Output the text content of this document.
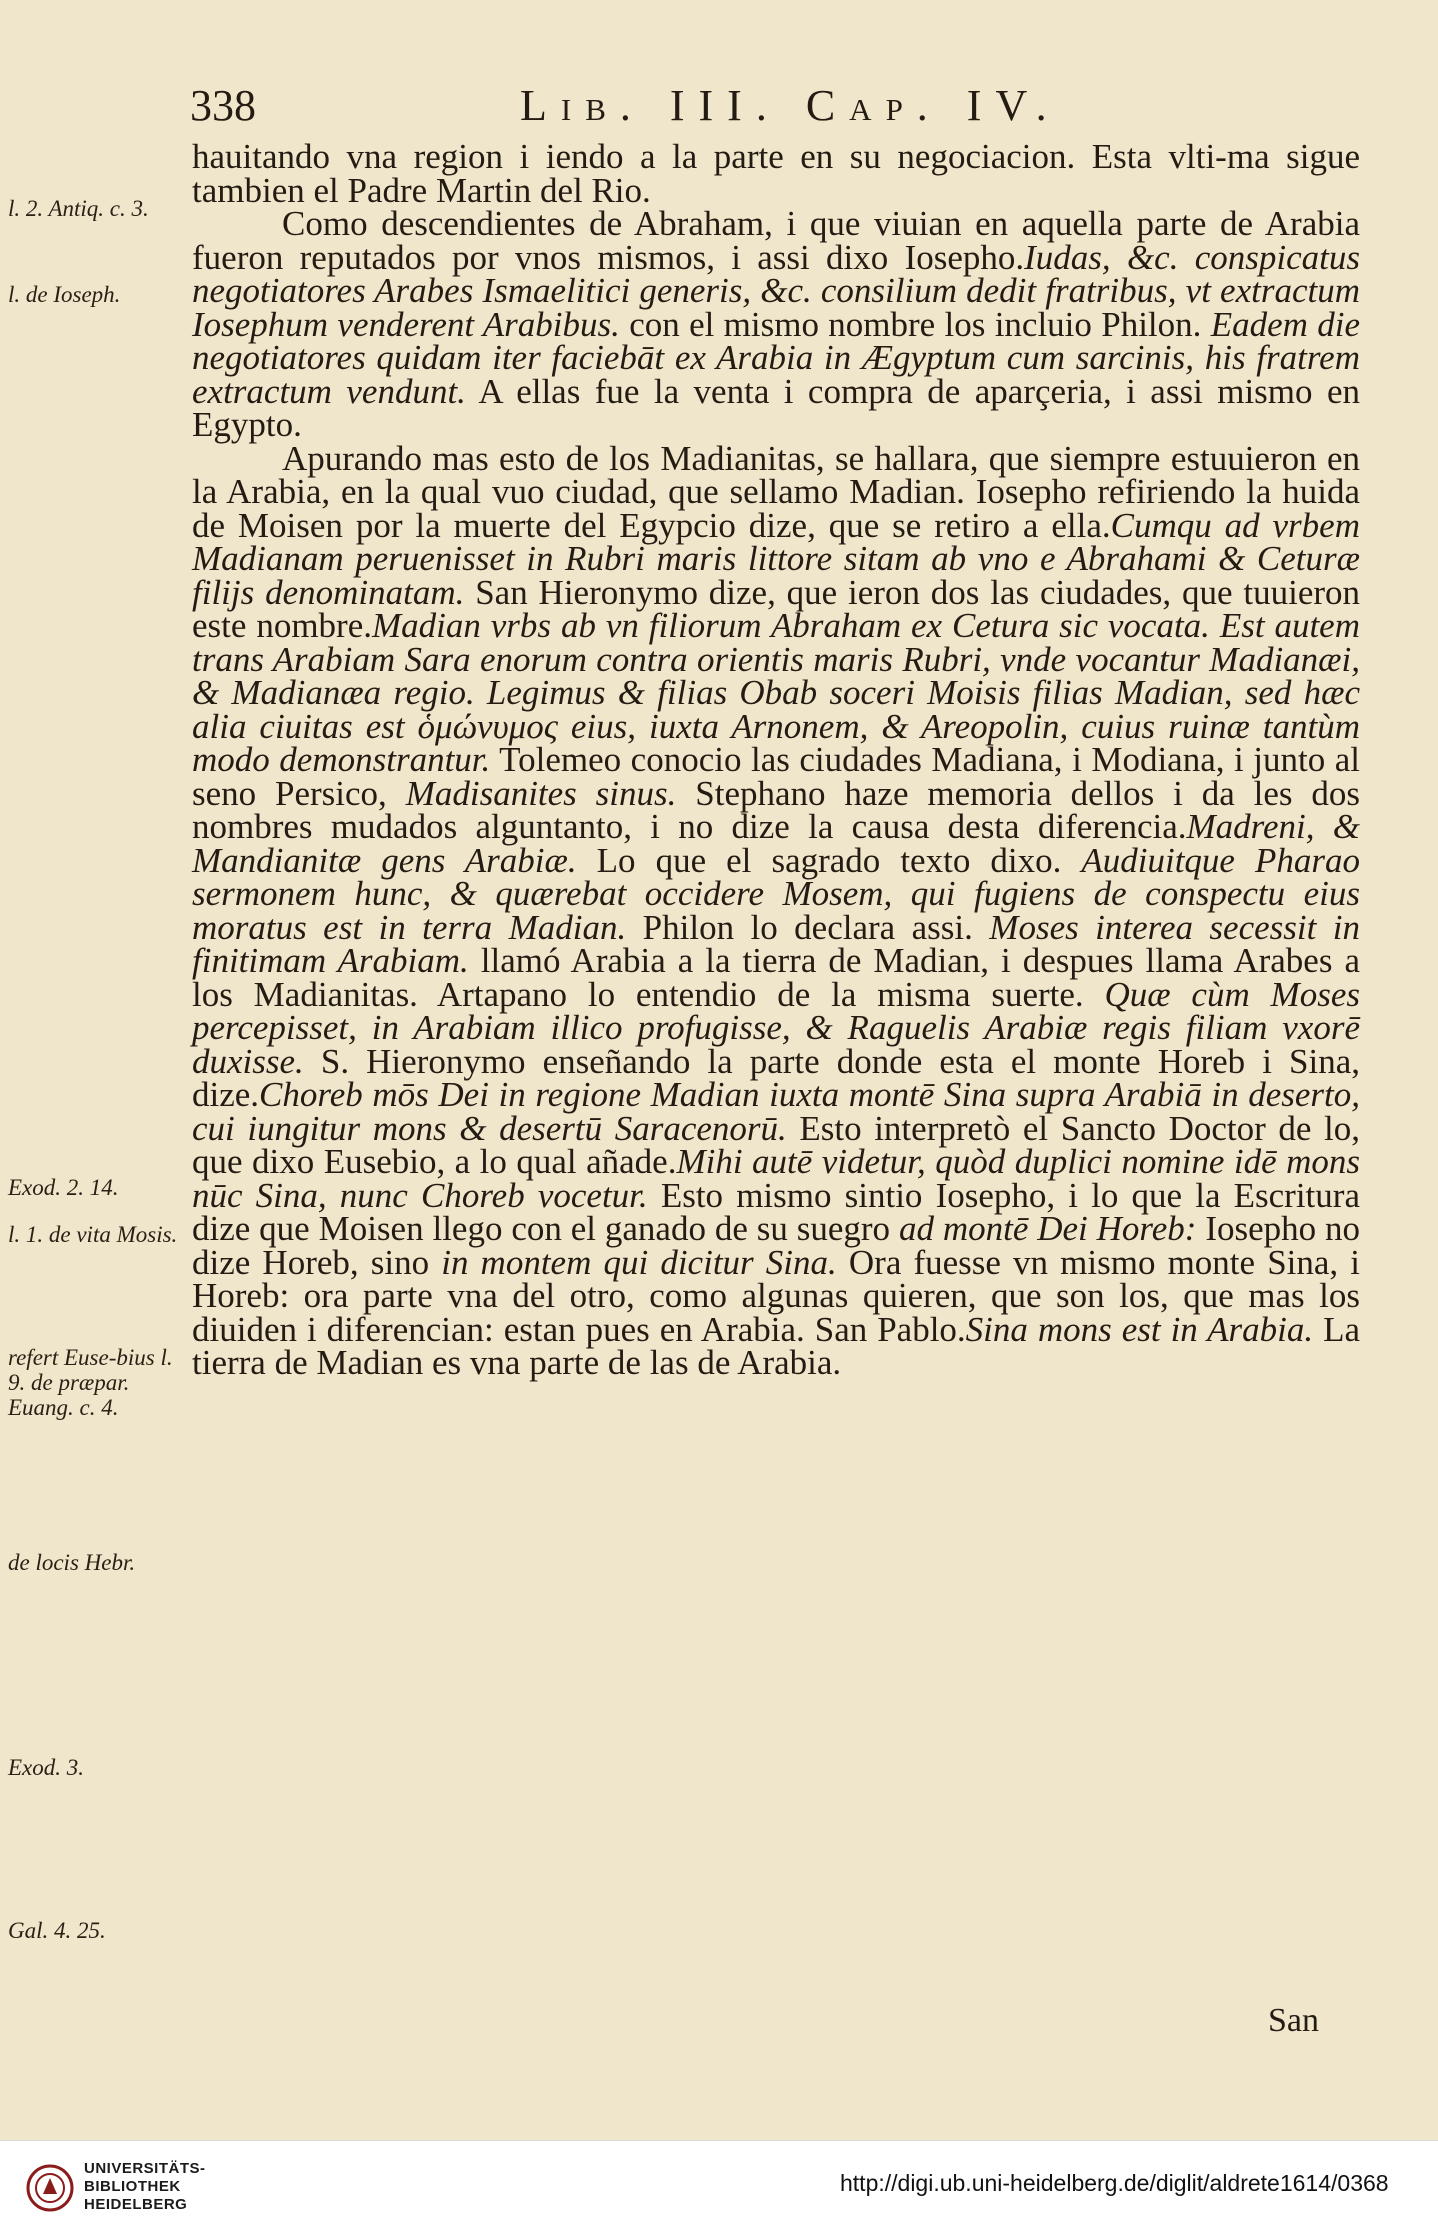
338	Lib. III. Cap. IV.

hauitando vna region i iendo a la parte en su negociacion. Esta vlti-ma sigue tambien el Padre Martin del Rio.

Como descendientes de Abraham, i que viuian en aquella parte de Arabia fueron reputados por vnos mismos, i assi dixo Iosepho.Iudas, &c. conspicatus negotiatores Arabes Ismaelitici generis, &c. consilium dedit fratribus, vt extractum Iosephum venderent Arabibus. con el mismo nombre los incluio Philon. Eadem die negotiatores quidam iter faciebāt ex Arabia in Ægyptum cum sarcinis, his fratrem extractum vendunt. A ellas fue la venta i compra de aparçeria, i assi mismo en Egypto.

Apurando mas esto de los Madianitas, se hallara, que siempre estuuieron en la Arabia, en la qual vuo ciudad, que sellamo Madian. Iosepho refiriendo la huida de Moisen por la muerte del Egypcio dize, que se retiro a ella.Cumqu ad vrbem Madianam peruenisset in Rubri maris littore sitam ab vno e Abrahami & Ceturæ filijs denominatam. San Hieronymo dize, que ieron dos las ciudades, que tuuieron este nombre.Madian vrbs ab vn filiorum Abraham ex Cetura sic vocata. Est autem trans Arabiam Sara enorum contra orientis maris Rubri, vnde vocantur Madianæi, & Madianæa regio. Legimus & filias Obab soceri Moisis filias Madian, sed hæc alia ciuitas est ὁμώνυμος eius, iuxta Arnonem, & Areopolin, cuius ruinæ tantùm modo demonstrantur. Tolemeo conocio las ciudades Madiana, i Modiana, i junto al seno Persico, Madisanites sinus. Stephano haze memoria dellos i da les dos nombres mudados alguntanto, i no dize la causa desta diferencia.Madreni, & Mandianitæ gens Arabiæ. Lo que el sagrado texto dixo. Audiuitque Pharao sermonem hunc, & quærebat occidere Mosem, qui fugiens de conspectu eius moratus est in terra Madian. Philon lo declara assi. Moses interea secessit in finitimam Arabiam. llamó Arabia a la tierra de Madian, i despues llama Arabes a los Madianitas. Artapano lo entendio de la misma suerte. Quæ cùm Moses percepisset, in Arabiam illico profugisse, & Raguelis Arabiæ regis filiam vxorē duxisse. S. Hieronymo enseñando la parte donde esta el monte Horeb i Sina, dize.Choreb mōs Dei in regione Madian iuxta montē Sina supra Arabiā in deserto, cui iungitur mons & desertū Saracenorū. Esto interpretò el Sancto Doctor de lo, que dixo Eusebio, a lo qual añade.Mihi autē videtur, quòd duplici nomine idē mons nūc Sina, nunc Choreb vocetur. Esto mismo sintio Iosepho, i lo que la Escritura dize que Moisen llego con el ganado de su suegro ad montē Dei Horeb: Iosepho no dize Horeb, sino in montem qui dicitur Sina. Ora fuesse vn mismo monte Sina, i Horeb: ora parte vna del otro, como algunas quieren, que son los, que mas los diuiden i diferencian: estan pues en Arabia. San Pablo.Sina mons est in Arabia. La tierra de Madian es vna parte de las de Arabia.

San
l. 2. Antiq. c. 3.
l. de Ioseph.
Exod. 2. 14.
l. 1. de vita Mosis.
refert Euse-bius l. 9. de præpar. Euang. c. 4.
de locis Hebr.
Exod. 3.
Gal. 4. 25.
UNIVERSITÄTS-
BIBLIOTHEK
HEIDELBERG
http://digi.ub.uni-heidelberg.de/diglit/aldrete1614/0368
